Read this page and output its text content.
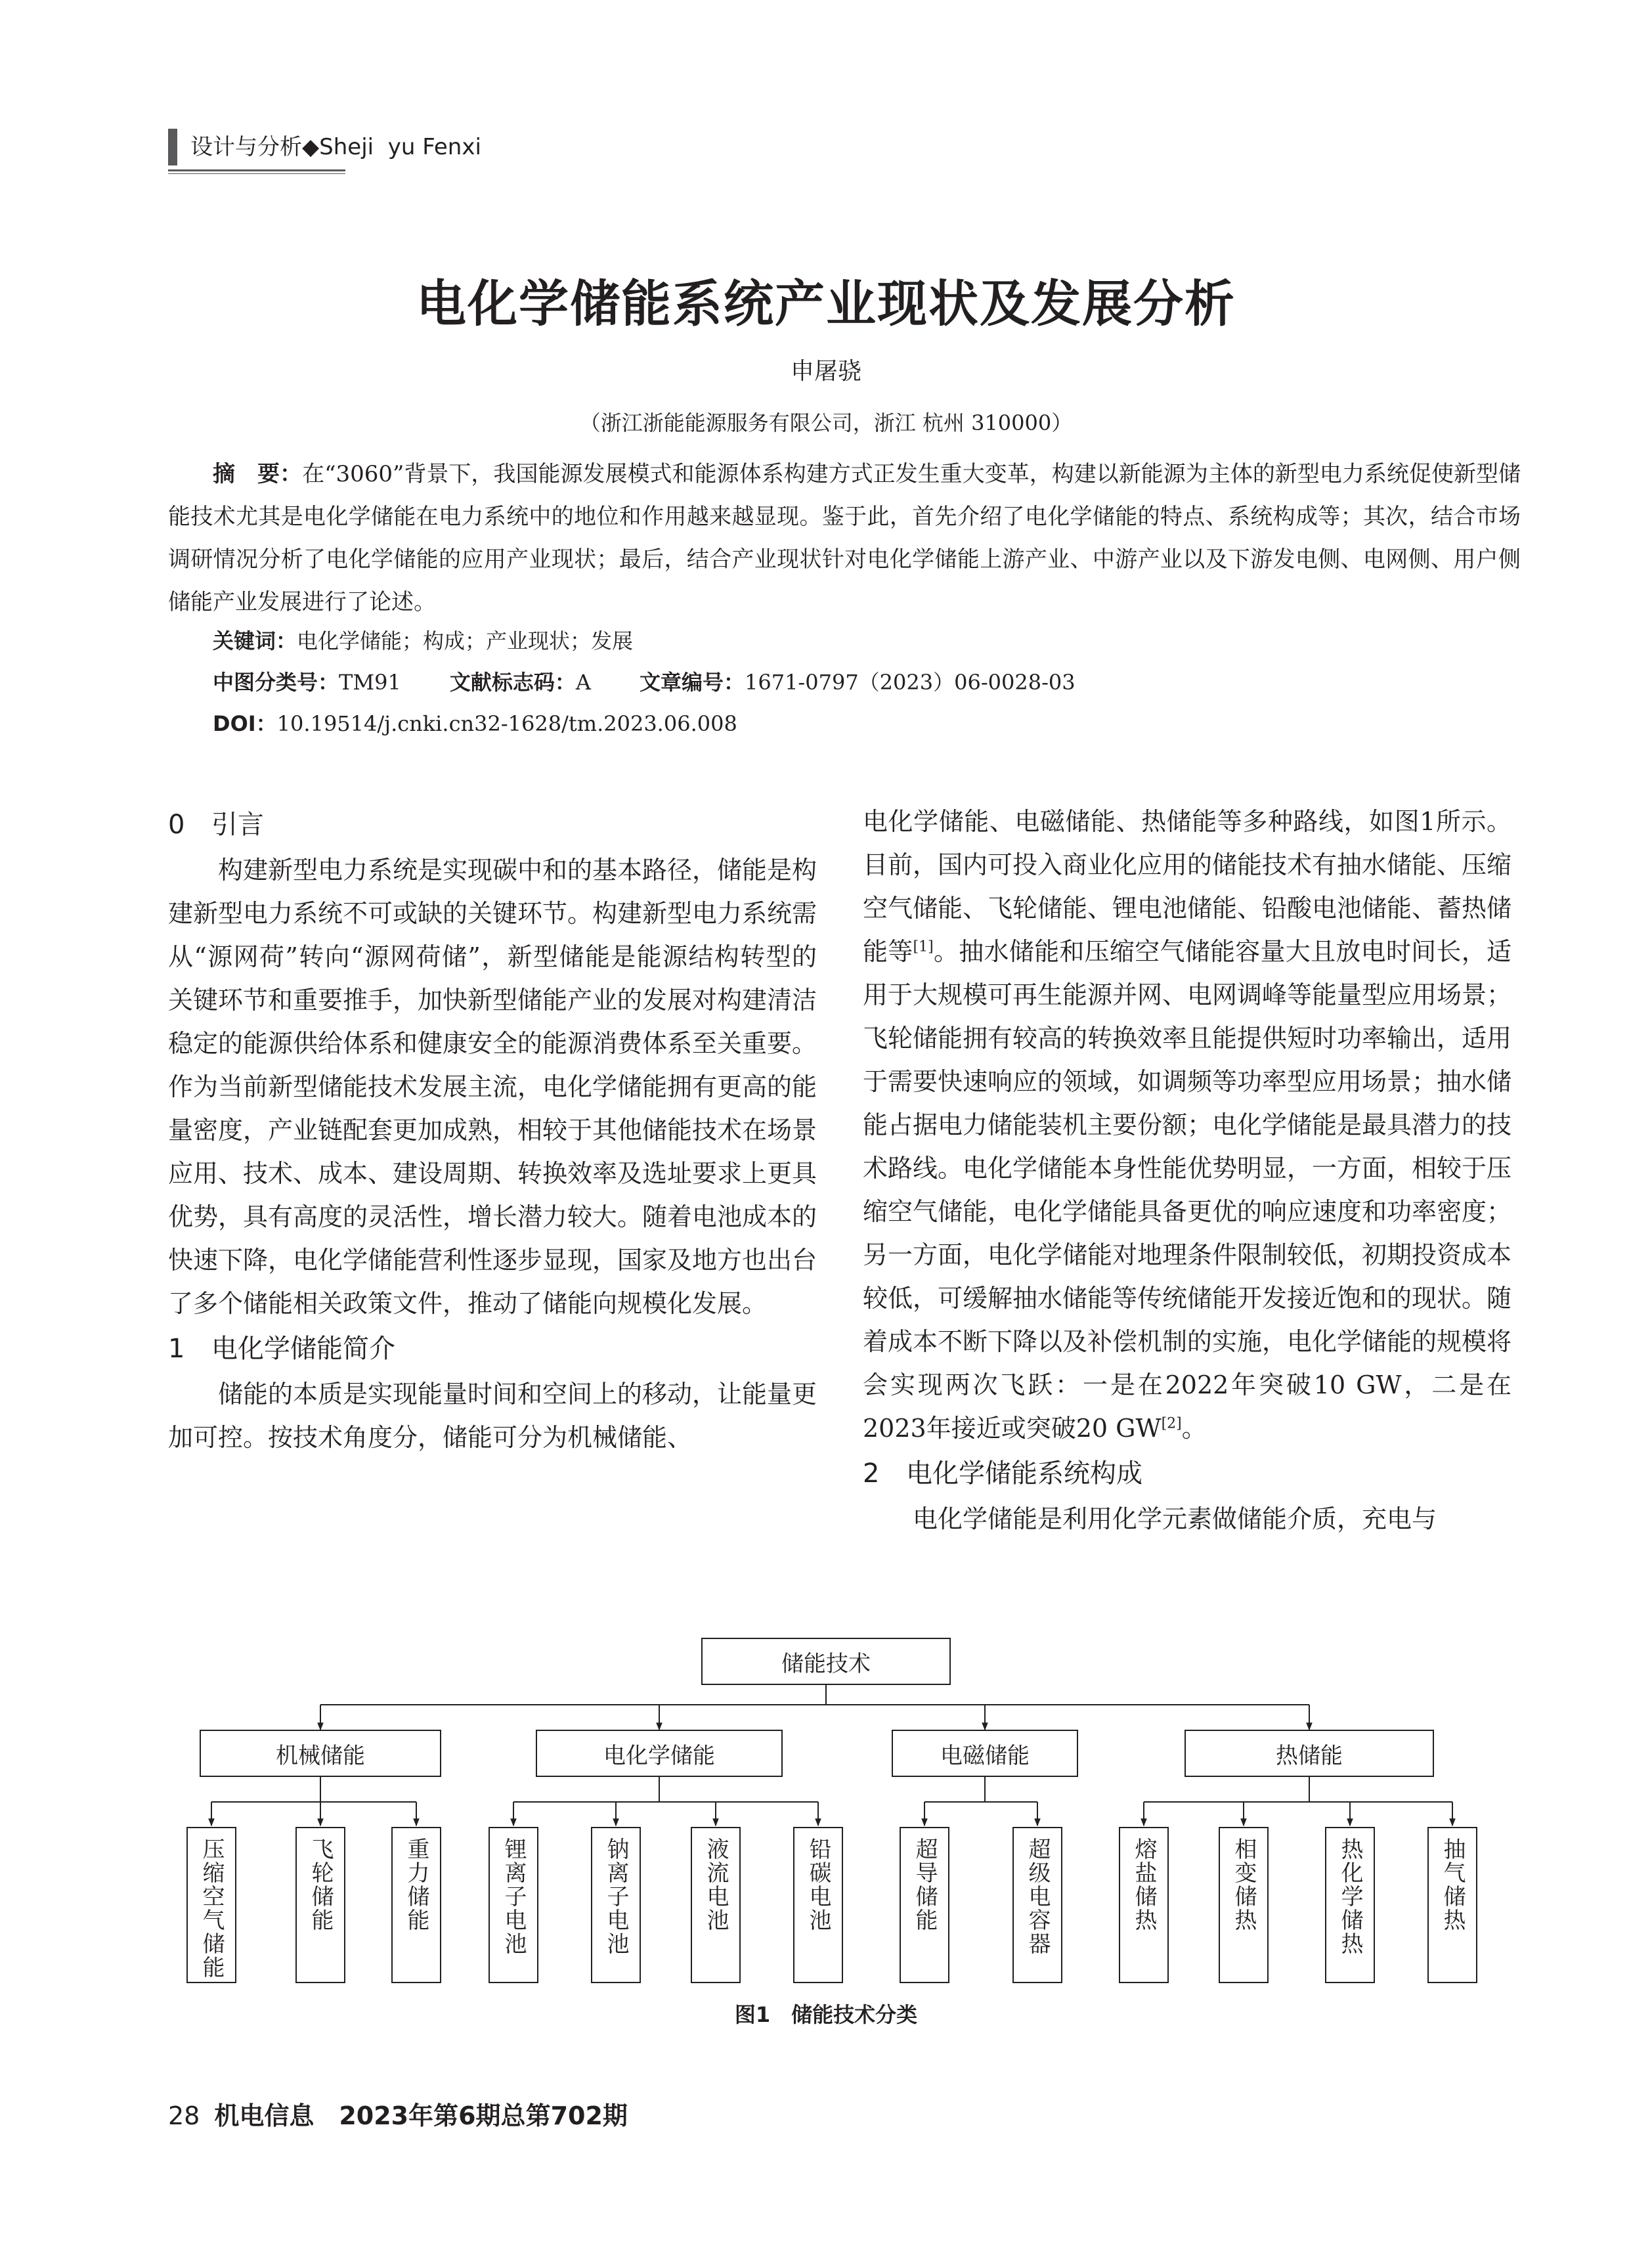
设计与分析◆Sheji  yu Fenxi
电化学储能系统产业现状及发展分析
申屠骁
（浙江浙能能源服务有限公司，浙江 杭州 310000）
摘　要：在“3060”背景下，我国能源发展模式和能源体系构建方式正发生重大变革，构建以新能源为主体的新型电力系统促使新型储能技术尤其是电化学储能在电力系统中的地位和作用越来越显现。鉴于此，首先介绍了电化学储能的特点、系统构成等；其次，结合市场调研情况分析了电化学储能的应用产业现状；最后，结合产业现状针对电化学储能上游产业、中游产业以及下游发电侧、电网侧、用户侧储能产业发展进行了论述。
关键词：电化学储能；构成；产业现状；发展
中图分类号：TM91 文献标志码：A 文章编号：1671-0797（2023）06-0028-03
DOI：10.19514/j.cnki.cn32-1628/tm.2023.06.008
0 引言

构建新型电力系统是实现碳中和的基本路径，储能是构建新型电力系统不可或缺的关键环节。构建新型电力系统需从“源网荷”转向“源网荷储”，新型储能是能源结构转型的关键环节和重要推手，加快新型储能产业的发展对构建清洁稳定的能源供给体系和健康安全的能源消费体系至关重要。作为当前新型储能技术发展主流，电化学储能拥有更高的能量密度，产业链配套更加成熟，相较于其他储能技术在场景应用、技术、成本、建设周期、转换效率及选址要求上更具优势，具有高度的灵活性，增长潜力较大。随着电池成本的快速下降，电化学储能营利性逐步显现，国家及地方也出台了多个储能相关政策文件，推动了储能向规模化发展。

1 电化学储能简介

储能的本质是实现能量时间和空间上的移动，让能量更加可控。按技术角度分，储能可分为机械储能、

电化学储能、电磁储能、热储能等多种路线，如图1所示。目前，国内可投入商业化应用的储能技术有抽水储能、压缩空气储能、飞轮储能、锂电池储能、铅酸电池储能、蓄热储能等[1]。抽水储能和压缩空气储能容量大且放电时间长，适用于大规模可再生能源并网、电网调峰等能量型应用场景；飞轮储能拥有较高的转换效率且能提供短时功率输出，适用于需要快速响应的领域，如调频等功率型应用场景；抽水储能占据电力储能装机主要份额；电化学储能是最具潜力的技术路线。电化学储能本身性能优势明显，一方面，相较于压缩空气储能，电化学储能具备更优的响应速度和功率密度；另一方面，电化学储能对地理条件限制较低，初期投资成本较低，可缓解抽水储能等传统储能开发接近饱和的现状。随着成本不断下降以及补偿机制的实施，电化学储能的规模将会实现两次飞跃：一是在2022年突破10 GW，二是在2023年接近或突破20 GW[2]。

2 电化学储能系统构成

电化学储能是利用化学元素做储能介质，充电与

储能技术
机械储能	电化学储能	电磁储能	热储能
压缩空气储能	飞轮储能	重力储能	锂离子电池	钠离子电池	液流电池	铅碳电池	超导储能	超级电容器	熔盐储热	相变储热	热化学储热	抽气储热
图1　储能技术分类
28 机电信息　2023年第6期总第702期
